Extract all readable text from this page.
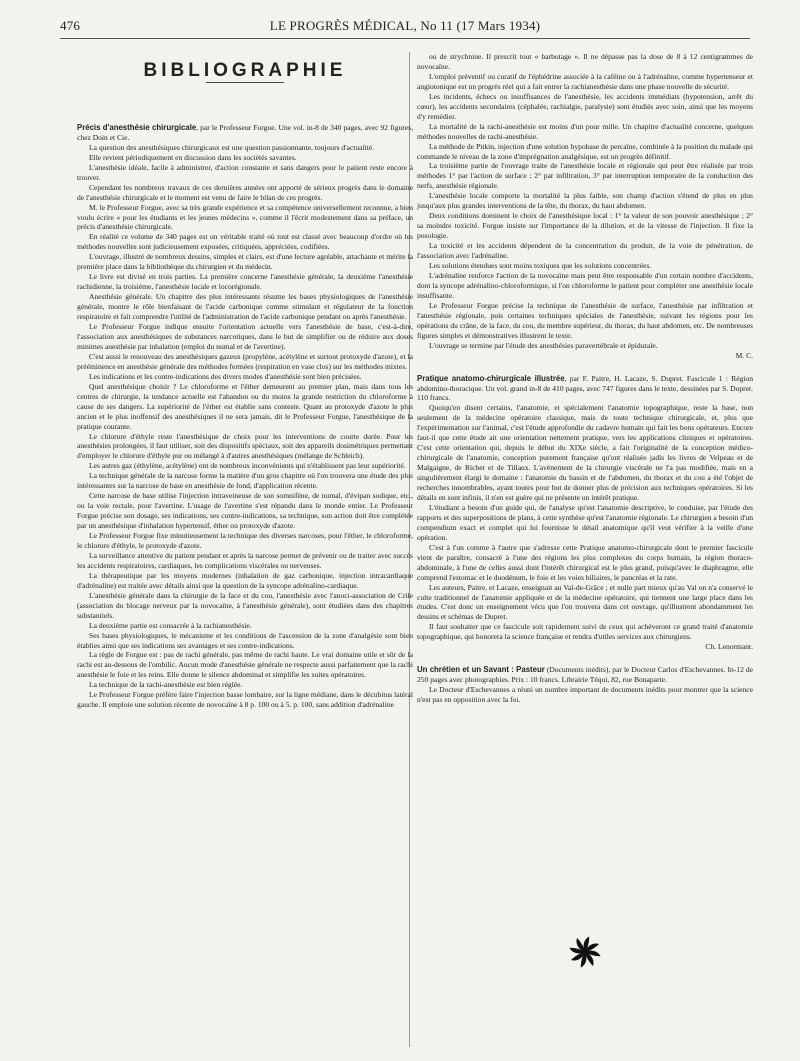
476	LE PROGRÈS MÉDICAL, No 11 (17 Mars 1934)
BIBLIOGRAPHIE

Précis d'anesthésie chirurgicale, par le Professeur Forgue. Une vol. in-8 de 340 pages, avec 92 figures, chez Doin et Cie.

La question des anesthésiques chirurgicaux est une question passionnante, toujours d'actualité.

Elle revient périodiquement en discussion dans les sociétés savantes.

L'anesthésie idéale, facile à administrer, d'action constante et sans dangers pour le patient reste encore à trouver.

Cependant les nombreux travaux de ces dernières années ont apporté de sérieux progrès dans le domaine de l'anesthésie chirurgicale et le moment est venu de faire le bilan de ces progrès.

M. le Professeur Forgue, avec sa très grande expérience et sa compétence universellement reconnue, a bien voulu écrire « pour les étudiants et les jeunes médecins », comme il l'écrit modestement dans sa préface, un précis d'anesthésie chirurgicale.

En réalité ce volume de 340 pages est un véritable traité où tout est classé avec beaucoup d'ordre où les méthodes nouvelles sont judicieusement exposées, critiquées, appréciées, codifiées.

L'ouvrage, illustré de nombreux dessins, simples et clairs, est d'une lecture agréable, attachante et mérite la première place dans la bibliothèque du chirurgien et du médecin.

Le livre est divisé en trois parties. La première concerne l'anesthésie générale, la deuxième l'anesthésie rachidienne, la troisième, l'anesthésie locale et locorégionale.

Anesthésie générale. Un chapitre des plus intéressants résume les bases physiologiques de l'anesthésie générale, montre le rôle bienfaisant de l'acide carbonique comme stimulant et régulateur de la fonction respiratoire et fait comprendre l'utilité de l'administration de l'acide carbonique pendant ou après l'anesthésie.

Le Professeur Forgue indique ensuite l'orientation actuelle vers l'anesthésie de base, c'est-à-dire, l'association aux anesthésiques de substances narcotiques, dans le but de simplifier ou de réduire aux doses minimes anesthésie par inhalation (emploi du numal et de l'avertine).

C'est aussi le renouveau des anesthésiques gazeux (propylène, acétylène et surtout protoxyde d'azote), et la prééminence en anesthésie générale des méthodes fermées (respiration en vase clos) sur les méthodes mixtes.

Les indications et les contre-indications des divers modes d'anesthésie sont bien précisées.

Quel anesthésique choisir ? Le chloroforme et l'éther demeurent au premier plan, mais dans tous les centres de chirurgie, la tendance actuelle est l'abandon ou du moins la grande restriction du chloroforme à cause de ses dangers. La supériorité de l'éther est établie sans conteste. Quant au protoxyde d'azote le plus ancien et le plus inoffensif des anesthésiques il ne sera jamais, dit le Professeur Forgue, l'anesthésique de la pratique courante.

Le chlorure d'éthyle reste l'anesthésique de choix pour les interventions de courte durée. Pour les anesthésies prolongées, il faut utiliser, soit des dispositifs spéciaux, soit des appareils dosimétriques permettant d'employer le chlorure d'éthyle pur ou mélangé à d'autres anesthésiques (mélange de Schleich).

Les autres gaz (éthylène, acétylène) ont de nombreux inconvénients qui n'établissent pas leur supériorité.

La technique générale de la narcose forme la matière d'un gros chapitre où l'on trouvera une étude des plus intéressantes sur la narcose de base en anesthésie de fond, d'application récente.

Cette narcose de base utilise l'injection intraveineuse de son somnifène, de numal, d'évipan sodique, etc., ou la voie rectale, pour l'avertine. L'usage de l'avertine s'est répandu dans le monde entier. Le Professeur Forgue précise son dosage, ses indications, ses contre-indications, sa technique, son action doit être complétée par un anesthésique d'inhalation hypertensif, éther ou protoxyde d'azote.

Le Professeur Forgue fixe minutieusement la technique des diverses narcoses, pour l'éther, le chloroforme, le chlorure d'éthyle, le protoxyde d'azote.

La surveillance attentive du patient pendant et après la narcose permet de prévenir ou de traiter avec succès les accidents respiratoires, cardiaques, les complications viscérales ou nerveuses.

La thérapeutique par les moyens modernes (inhalation de gaz carbonique, injection intracardiaque d'adrénaline) est traitée avec détails ainsi que la question de la syncope adrénalino-cardiaque.

L'anesthésie générale dans la chirurgie de la face et du cou, l'anesthésie avec l'anoci-association de Crile (association du blocage nerveux par la novocaïne, à l'anesthésie générale), sont étudiées dans des chapitres substantiels.

La deuxième partie est consacrée à la rachianesthésie.

Ses bases physiologiques, le mécanisme et les conditions de l'ascension de la zone d'analgésie sont bien établies ainsi que ses indications ses avantages et ses contre-indications.

La règle de Forgue est : pas de rachi générale, pas même de rachi haute. Le vrai domaine utile et sûr de la rachi est au-dessous de l'ombilic. Aucun mode d'anesthésie générale ne respecte aussi parfaitement que la rachi anesthésie le foie et les reins. Elle donne le silence abdominal et simplifie les suites opératoires.

La technique de la rachi-anesthésie est bien réglée.

Le Professeur Forgue préfère faire l'injection basse lombaire, sur la ligne médiane, dans le décubitus latéral gauche. Il emploie une solution récente de novocaïne à 8 p. 100 ou à 5. p. 100, sans addition d'adrénaline

ou de strychnine. Il prescrit tout « barbotage ». Il ne dépasse pas la dose de 8 à 12 centigrammes de novocaïne.

L'emploi préventif ou curatif de l'éphédrine associée à la caféine ou à l'adrénaline, comme hypertenseur et angiotonique est un progrès réel qui a fait entrer la rachianesthésie dans une phase nouvelle de sécurité.

Les incidents, échecs ou insuffisances de l'anesthésie, les accidents immédiats (hypotension, arrêt du cœur), les accidents secondaires (céphalée, rachialgie, paralysie) sont étudiés avec soin, ainsi que les moyens d'y remédier.

La mortalité de la rachi-anesthésie est moins d'un pour mille. Un chapitre d'actualité concerne, quelques méthodes nouvelles de rachi-anesthésie.

La méthode de Pitkin, injection d'une solution hypobase de percaïne, combinée à la position du malade qui commande le niveau de la zone d'imprégnation analgésique, est un progrès définitif.

La troisième partie de l'ouvrage traite de l'anesthésie locale et régionale qui peut être réalisée par trois méthodes 1° par l'action de surface ; 2° par infiltration, 3° par interruption temporaire de la conduction des nerfs, anesthésie régionale.

L'anesthésie locale comporte la mortalité la plus faible, son champ d'action s'étend de plus en plus jusqu'aux plus grandes interventions de la tête, du thorax, du haut abdomen.

Deux conditions dominent le choix de l'anesthésique local : 1° la valeur de son pouvoir anesthésique ; 2° sa moindre toxicité. Forgue insiste sur l'importance de la dilution, et de la vitesse de l'injection. Il fixe la posologie.

La toxicité et les accidents dépendent de la concentration du produit, de la voie de pénétration, de l'association avec l'adrénaline.

Les solutions étendues sont moins toxiques que les solutions concentrées.

L'adrénaline renforce l'action de la novocaïne mais peut être responsable d'un certain nombre d'accidents, dont la syncope adrénalino-chloroformique, si l'on chloroforme le patient pour compléter une anesthésie locale insuffisante.

Le Professeur Forgue précise la technique de l'anesthésie de surface, l'anesthésie par infiltration et l'anesthésie régionale, puis certaines techniques spéciales de l'anesthésie, suivant les régions pour les opérations du crâne, de la face, du cou, du membre supérieur, du thorax, du haut abdomen, etc. De nombreuses figures simples et démonstratives illustrent le texte.

L'ouvrage se termine par l'étude des anesthésies paravertébrale et épidurale.

M. C.

Pratique anatomo-chirurgicale illustrée, par F. Paitre, H. Lacaze, S. Dupret. Fascicule 1 : Région abdomino-thoracique. Un vol. grand in-8 de 410 pages, avec 747 figures dans le texte, dessinées par S. Dupret. 110 francs.

Quoiqu'en disent certains, l'anatomie, et spécialement l'anatomie topographique, reste la base, non seulement de la médecine opératoire classique, mais de toute technique chirurgicale, et, plus que l'expérimentation sur l'animal, c'est l'étude approfondie du cadavre humain qui fait les bons opérateurs. Encore faut-il que cette étude ait une orientation nettement pratique, vers les applications cliniques et opératoires. C'est cette orientation qui, depuis le début du XIXe siècle, a fait l'originalité de la conception médico-chirurgicale de l'anatomie, conception purement française qu'ont réalisée jadis les livres de Velpeau et de Malgaigne, de Richet et de Tillaux. L'avènement de la chirurgie viscérale ne l'a pas modifiée, mais en a singulièrement élargi le domaine : l'anatomie du bassin et de l'abdomen, du thorax et du cou a été l'objet de recherches innombrables, ayant toutes pour but de donner plus de précision aux techniques opératoires. Si les détails en sont infinis, il n'en est guère qui ne présente un intérêt pratique.

L'étudiant a besoin d'un guide qui, de l'analyse qu'est l'anatomie descriptive, le conduise, par l'étude des rapports et des superpositions de plans, à cette synthèse qu'est l'anatomie régionale. Le chirurgien a besoin d'un compendium exact et complet qui lui fournisse le détail anatomique qu'il veut vérifier à la veille d'une opération.

C'est à l'un comme à l'autre que s'adresse cette Pratique anatomo-chirurgicale dont le premier fascicule vient de paraître, consacré à l'une des régions les plus complexes du corps humain, la région thoraco-abdominale, à l'une de celles aussi dont l'intérêt chirurgical est le plus grand, puisqu'avec le diaphragme, elle comprend l'estomac et le duodénum, le foie et les voies biliaires, le pancréas et la rate.

Les auteurs, Paitre, et Lacaze, enseignait au Val-de-Grâce ; et nulle part mieux qu'au Val on n'a conservé le culte traditionnel de l'anatomie appliquée et de la médecine opératoire, qui tiennent une large place dans les études. C'est donc un enseignement vécu que l'on trouvera dans cet ouvrage, qu'illustrent abondamment les dessins et schémas de Dupret.

Il faut souhaiter que ce fascicule soit rapidement suivi de ceux qui achèveront ce grand traité d'anatomie topographique, qui honorera la science française et rendra d'utiles services aux chirurgiens.

Ch. Lenormant.

Un chrétien et un Savant : Pasteur (Documents inédits), par le Docteur Carlos d'Eschevannes. In-12 de 250 pages avec photographies. Prix : 10 francs. Librairie Téqui, 82, rue Bonaparte.

Le Docteur d'Eschevannes a réuni un nombre important de documents inédits pour montrer que la science n'est pas en opposition avec la foi.
